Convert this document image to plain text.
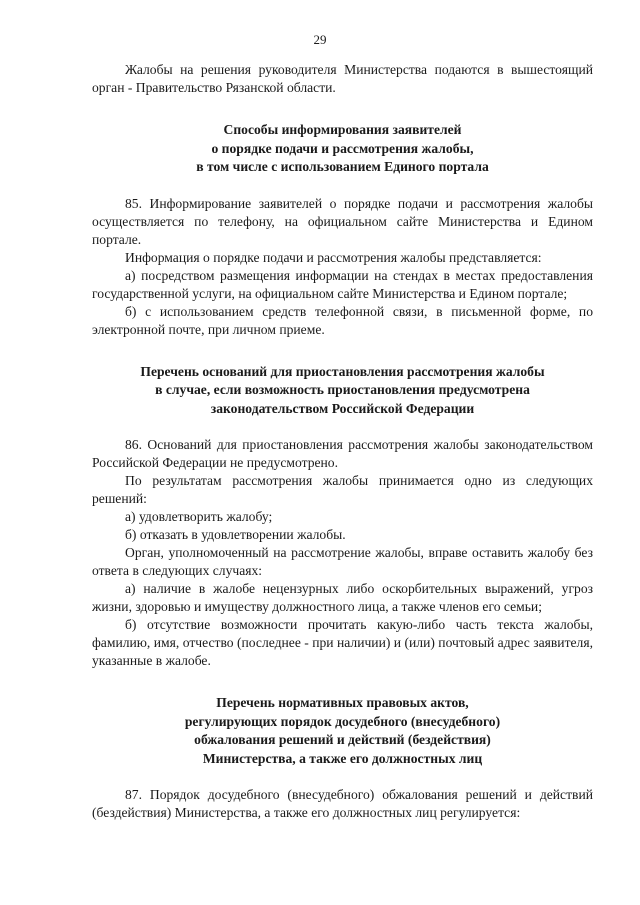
29

Жалобы на решения руководителя Министерства подаются в вышестоящий орган - Правительство Рязанской области.

Способы информирования заявителей
о порядке подачи и рассмотрения жалобы,
в том числе с использованием Единого портала

85. Информирование заявителей о порядке подачи и рассмотрения жалобы осуществляется по телефону, на официальном сайте Министерства и Едином портале.

Информация о порядке подачи и рассмотрения жалобы представляется:

а) посредством размещения информации на стендах в местах предоставления государственной услуги, на официальном сайте Министерства и Едином портале;

б) с использованием средств телефонной связи, в письменной форме, по электронной почте, при личном приеме.

Перечень оснований для приостановления рассмотрения жалобы
в случае, если возможность приостановления предусмотрена
законодательством Российской Федерации

86. Оснований для приостановления рассмотрения жалобы законодательством Российской Федерации не предусмотрено.

По результатам рассмотрения жалобы принимается одно из следующих решений:

а) удовлетворить жалобу;

б) отказать в удовлетворении жалобы.

Орган, уполномоченный на рассмотрение жалобы, вправе оставить жалобу без ответа в следующих случаях:

а) наличие в жалобе нецензурных либо оскорбительных выражений, угроз жизни, здоровью и имуществу должностного лица, а также членов его семьи;

б) отсутствие возможности прочитать какую-либо часть текста жалобы, фамилию, имя, отчество (последнее - при наличии) и (или) почтовый адрес заявителя, указанные в жалобе.

Перечень нормативных правовых актов,
регулирующих порядок досудебного (внесудебного)
обжалования решений и действий (бездействия)
Министерства, а также его должностных лиц

87. Порядок досудебного (внесудебного) обжалования решений и действий (бездействия) Министерства, а также его должностных лиц регулируется:
